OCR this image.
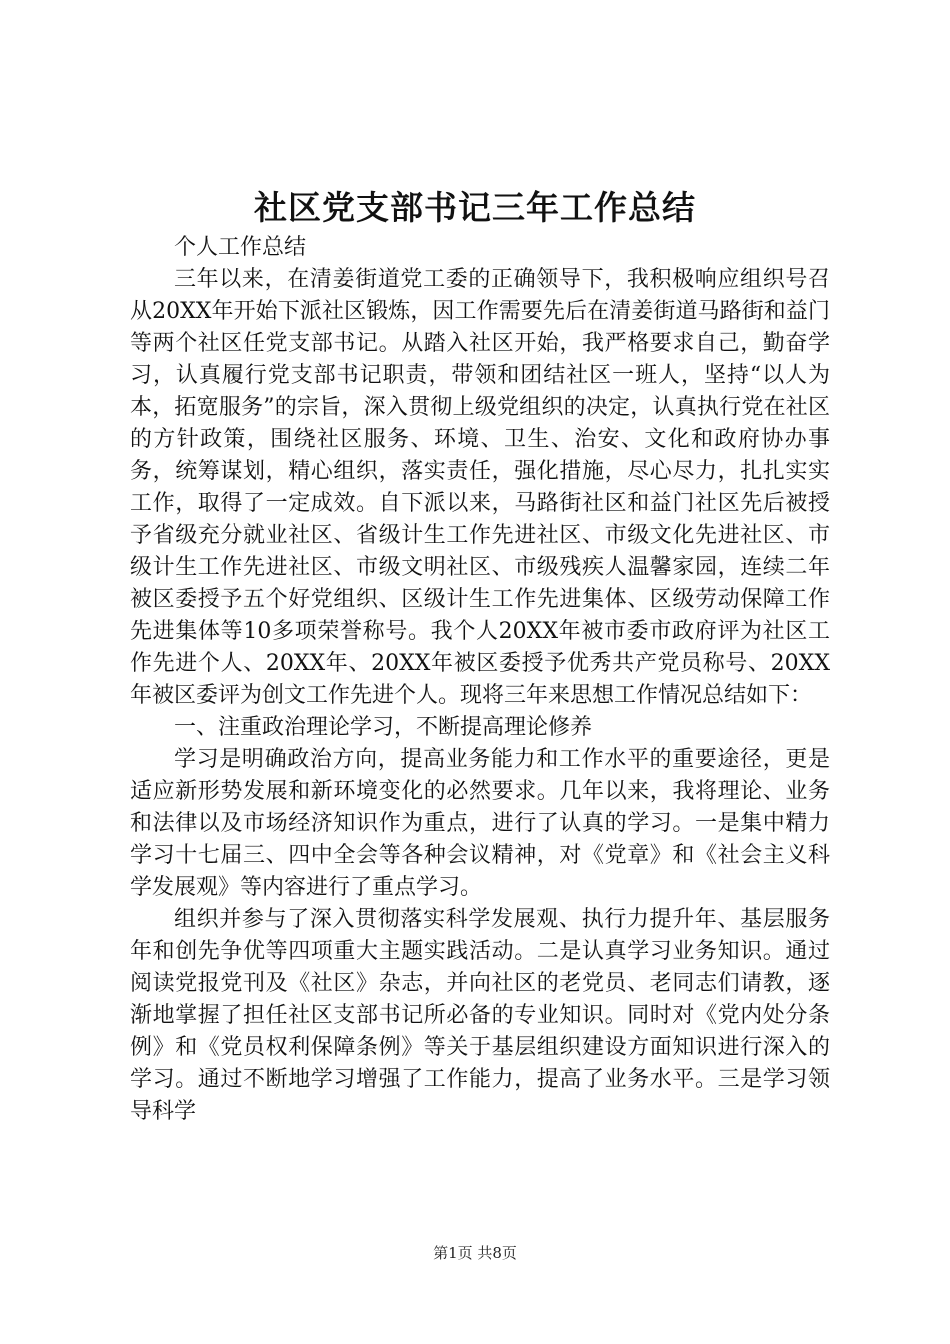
社区党支部书记三年工作总结

个人工作总结

三年以来，在清姜街道党工委的正确领导下，我积极响应组织号召从20XX年开始下派社区锻炼，因工作需要先后在清姜街道马路街和益门等两个社区任党支部书记。从踏入社区开始，我严格要求自己，勤奋学习，认真履行党支部书记职责，带领和团结社区一班人，坚持“以人为本，拓宽服务”的宗旨，深入贯彻上级党组织的决定，认真执行党在社区的方针政策，围绕社区服务、环境、卫生、治安、文化和政府协办事务，统筹谋划，精心组织，落实责任，强化措施，尽心尽力，扎扎实实工作，取得了一定成效。自下派以来，马路街社区和益门社区先后被授予省级充分就业社区、省级计生工作先进社区、市级文化先进社区、市级计生工作先进社区、市级文明社区、市级残疾人温馨家园，连续二年被区委授予五个好党组织、区级计生工作先进集体、区级劳动保障工作先进集体等10多项荣誉称号。我个人20XX年被市委市政府评为社区工作先进个人、20XX年、20XX年被区委授予优秀共产党员称号、20XX年被区委评为创文工作先进个人。现将三年来思想工作情况总结如下：

一、注重政治理论学习，不断提高理论修养

学习是明确政治方向，提高业务能力和工作水平的重要途径，更是适应新形势发展和新环境变化的必然要求。几年以来，我将理论、业务和法律以及市场经济知识作为重点，进行了认真的学习。一是集中精力学习十七届三、四中全会等各种会议精神，对《党章》和《社会主义科学发展观》等内容进行了重点学习。

组织并参与了深入贯彻落实科学发展观、执行力提升年、基层服务年和创先争优等四项重大主题实践活动。二是认真学习业务知识。通过阅读党报党刊及《社区》杂志，并向社区的老党员、老同志们请教，逐渐地掌握了担任社区支部书记所必备的专业知识。同时对《党内处分条例》和《党员权利保障条例》等关于基层组织建设方面知识进行深入的学习。通过不断地学习增强了工作能力，提高了业务水平。三是学习领导科学

第1页 共8页
